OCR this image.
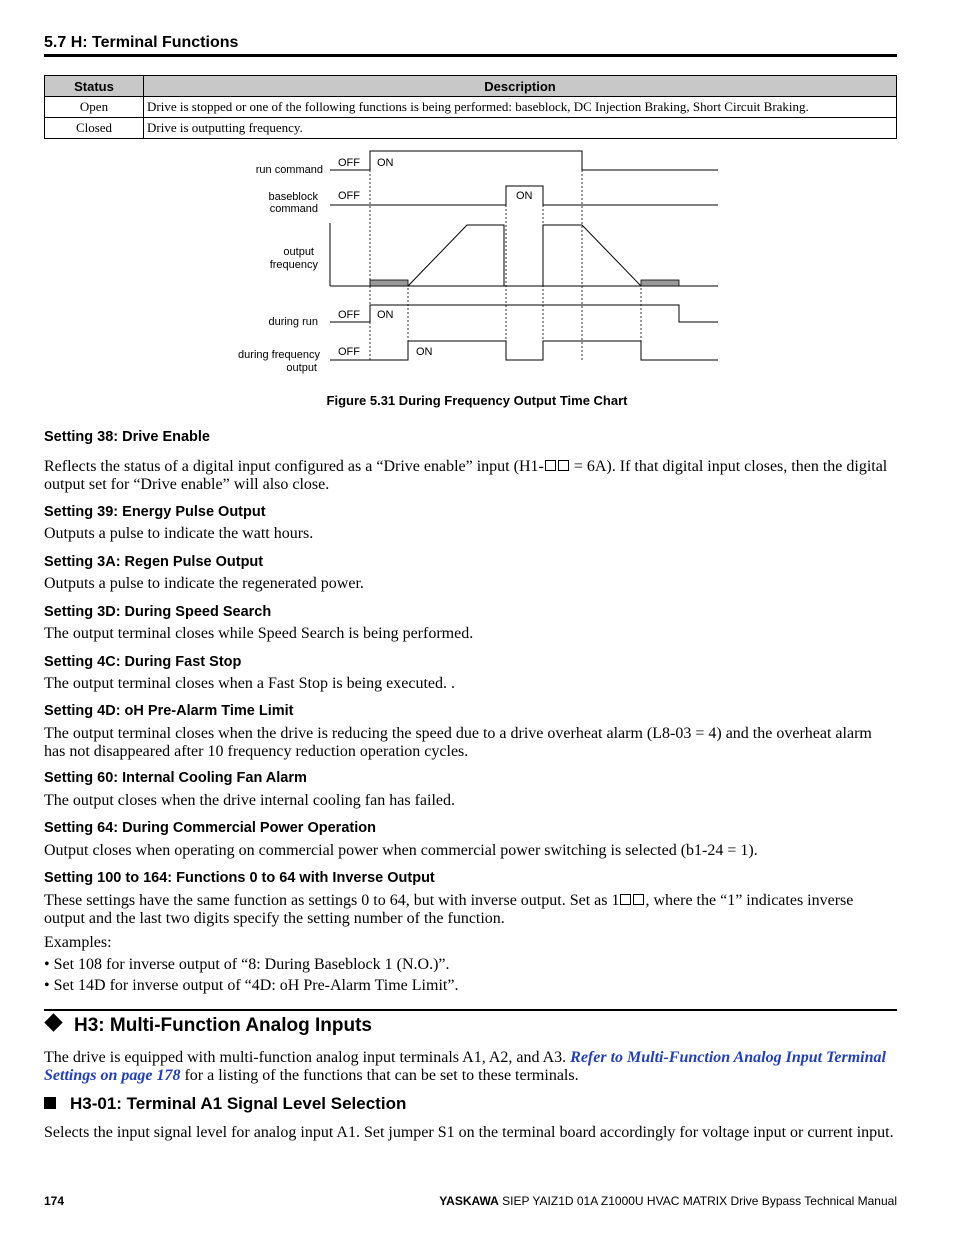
5.7 H: Terminal Functions
Status	Description
Open	Drive is stopped or one of the following functions is being performed: baseblock, DC Injection Braking, Short Circuit Braking.
Closed	Drive is outputting frequency.
run command
OFF ON
baseblock
command
OFF	ON
output
frequency
during run
OFF ON
during frequency
output
OFF	ON
Figure 5.31 During Frequency Output Time Chart
Setting 38: Drive Enable
Reflects the status of a digital input configured as a “Drive enable” input (H1- = 6A). If that digital input closes, then the digital output set for “Drive enable” will also close.
Setting 39: Energy Pulse Output
Outputs a pulse to indicate the watt hours.
Setting 3A: Regen Pulse Output
Outputs a pulse to indicate the regenerated power.
Setting 3D: During Speed Search
The output terminal closes while Speed Search is being performed.
Setting 4C: During Fast Stop
The output terminal closes when a Fast Stop is being executed. .
Setting 4D: oH Pre-Alarm Time Limit
The output terminal closes when the drive is reducing the speed due to a drive overheat alarm (L8-03 = 4) and the overheat alarm has not disappeared after 10 frequency reduction operation cycles.
Setting 60: Internal Cooling Fan Alarm
The output closes when the drive internal cooling fan has failed.
Setting 64: During Commercial Power Operation
Output closes when operating on commercial power when commercial power switching is selected (b1-24 = 1).
Setting 100 to 164: Functions 0 to 64 with Inverse Output
These settings have the same function as settings 0 to 64, but with inverse output. Set as 1 , where the “1” indicates inverse output and the last two digits specify the setting number of the function.
Examples:
• Set 108 for inverse output of “8: During Baseblock 1 (N.O.)”.
• Set 14D for inverse output of “4D: oH Pre-Alarm Time Limit”.
H3: Multi-Function Analog Inputs
The drive is equipped with multi-function analog input terminals A1, A2, and A3. Refer to Multi-Function Analog Input Terminal Settings on page 178 for a listing of the functions that can be set to these terminals.
H3-01: Terminal A1 Signal Level Selection
Selects the input signal level for analog input A1. Set jumper S1 on the terminal board accordingly for voltage input or current input.
174	YASKAWA SIEP YAIZ1D 01A Z1000U HVAC MATRIX Drive Bypass Technical Manual
